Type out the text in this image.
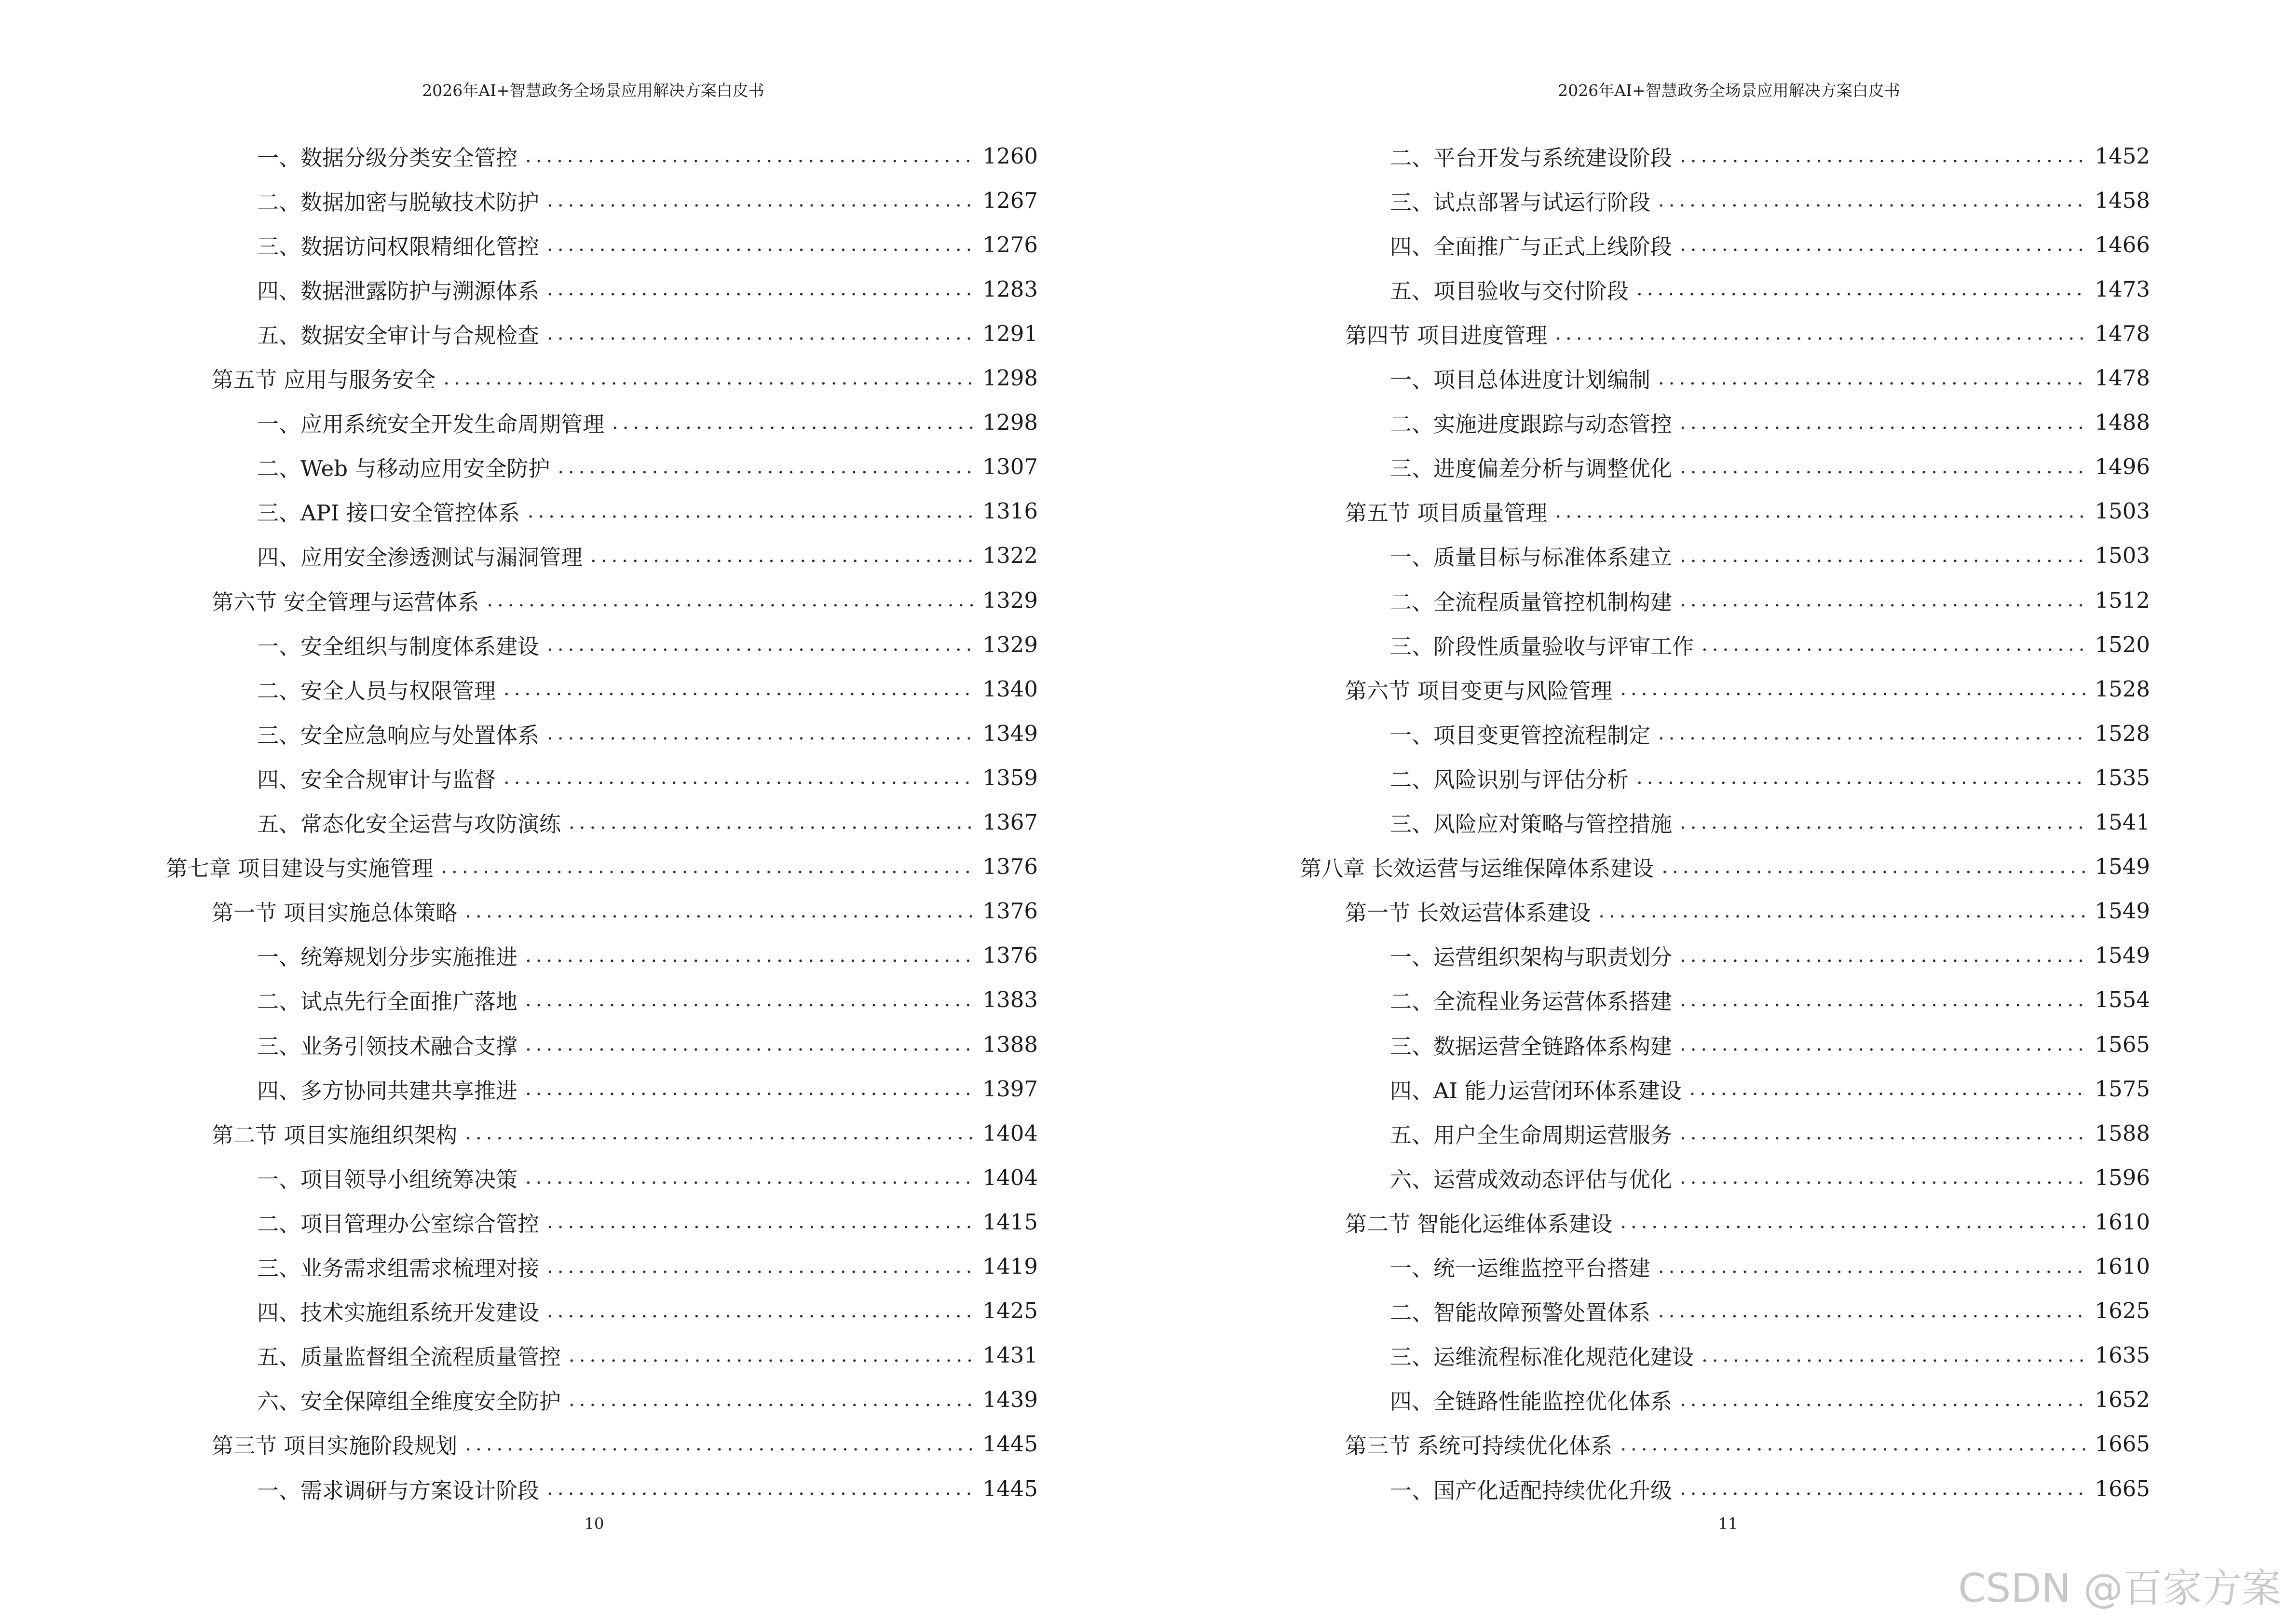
2026年AI+智慧政务全场景应用解决方案白皮书
一、数据分级分类安全管控 .....	1260
二、数据加密与脱敏技术防护 .....	1267
三、数据访问权限精细化管控 .....	1276
四、数据泄露防护与溯源体系 .....	1283
五、数据安全审计与合规检查 .....	1291
第五节 应用与服务安全 .....	1298
一、应用系统安全开发生命周期管理 .....	1298
二、Web 与移动应用安全防护 .....	1307
三、API 接口安全管控体系 .....	1316
四、应用安全渗透测试与漏洞管理 .....	1322
第六节 安全管理与运营体系 .....	1329
一、安全组织与制度体系建设 .....	1329
二、安全人员与权限管理 .....	1340
三、安全应急响应与处置体系 .....	1349
四、安全合规审计与监督 .....	1359
五、常态化安全运营与攻防演练 .....	1367
第七章 项目建设与实施管理 .....	1376
第一节 项目实施总体策略 .....	1376
一、统筹规划分步实施推进 .....	1376
二、试点先行全面推广落地 .....	1383
三、业务引领技术融合支撑 .....	1388
四、多方协同共建共享推进 .....	1397
第二节 项目实施组织架构 .....	1404
一、项目领导小组统筹决策 .....	1404
二、项目管理办公室综合管控 .....	1415
三、业务需求组需求梳理对接 .....	1419
四、技术实施组系统开发建设 .....	1425
五、质量监督组全流程质量管控 .....	1431
六、安全保障组全维度安全防护 .....	1439
第三节 项目实施阶段规划 .....	1445
一、需求调研与方案设计阶段 .....	1445
10
2026年AI+智慧政务全场景应用解决方案白皮书
二、平台开发与系统建设阶段 .....	1452
三、试点部署与试运行阶段 .....	1458
四、全面推广与正式上线阶段 .....	1466
五、项目验收与交付阶段 .....	1473
第四节 项目进度管理 .....	1478
一、项目总体进度计划编制 .....	1478
二、实施进度跟踪与动态管控 .....	1488
三、进度偏差分析与调整优化 .....	1496
第五节 项目质量管理 .....	1503
一、质量目标与标准体系建立 .....	1503
二、全流程质量管控机制构建 .....	1512
三、阶段性质量验收与评审工作 .....	1520
第六节 项目变更与风险管理 .....	1528
一、项目变更管控流程制定 .....	1528
二、风险识别与评估分析 .....	1535
三、风险应对策略与管控措施 .....	1541
第八章 长效运营与运维保障体系建设 .....	1549
第一节 长效运营体系建设 .....	1549
一、运营组织架构与职责划分 .....	1549
二、全流程业务运营体系搭建 .....	1554
三、数据运营全链路体系构建 .....	1565
四、AI 能力运营闭环体系建设 .....	1575
五、用户全生命周期运营服务 .....	1588
六、运营成效动态评估与优化 .....	1596
第二节 智能化运维体系建设 .....	1610
一、统一运维监控平台搭建 .....	1610
二、智能故障预警处置体系 .....	1625
三、运维流程标准化规范化建设 .....	1635
四、全链路性能监控优化体系 .....	1652
第三节 系统可持续优化体系 .....	1665
一、国产化适配持续优化升级 .....	1665
11
CSDN @百家方案
